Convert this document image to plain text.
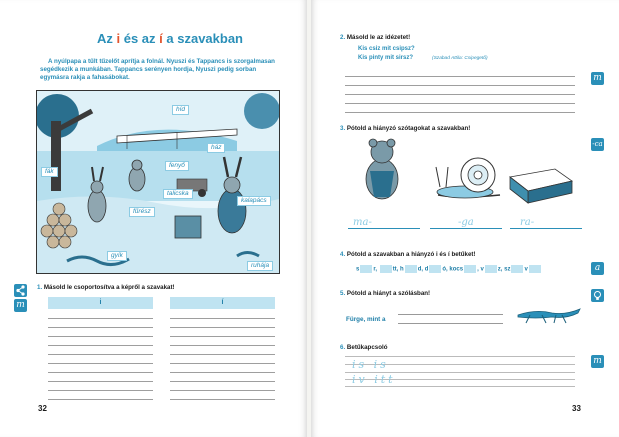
Az i és az í a szavakban
A nyúlpapa a tűlt tűzelőt aprítja a folnál. Nyuszi és Tappancs is szorgalmasan segédkezik a munkában. Tappancs serényen hordja, Nyuszi pedig sorban egymásra rakja a fahasábokat.
híd
ház
fák
fenyő
fűrész
kalapács
ruhája
gyík
talicska
m
1. Másold le csoportosítva a képről a szavakat!
i	í
32
2. Másold le az idézetet!
Kis csiz mit csipsz?
Kis pinty mit sirsz?	(Szabad Attila: Csipegető)
m
3. Pótold a hiányzó szótagokat a szavakban!
-ca
ma-	-ga	ra-
4. Pótold a szavakban a hiányzó i és í betűket!
s r,	tt, h d, d ó, kocs , v z, sz v	a
5. Pótold a hiányt a szólásban!
Fürge, mint a
6. Betűkapcsoló
m
is is
iv itt
33
